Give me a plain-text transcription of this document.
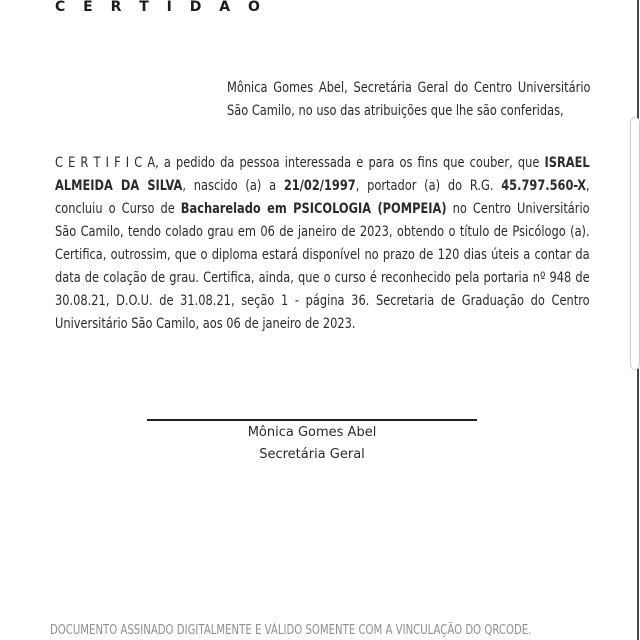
C E R T I D Ã O
Mônica Gomes Abel, Secretária Geral do Centro Universitário São Camilo, no uso das atribuições que lhe são conferidas,
C E R T I F I C A, a pedido da pessoa interessada e para os fins que couber, que ISRAEL ALMEIDA DA SILVA, nascido (a) a 21/02/1997, portador (a) do R.G. 45.797.560-X, concluiu o Curso de Bacharelado em PSICOLOGIA (POMPEIA) no Centro Universitário São Camilo, tendo colado grau em 06 de janeiro de 2023, obtendo o título de Psicólogo (a). Certifica, outrossim, que o diploma estará disponível no prazo de 120 dias úteis a contar da data de colação de grau. Certifica, ainda, que o curso é reconhecido pela portaria nº 948 de 30.08.21, D.O.U. de 31.08.21, seção 1 - página 36. Secretaria de Graduação do Centro Universitário São Camilo, aos 06 de janeiro de 2023.
Mônica Gomes Abel
Secretária Geral
DOCUMENTO ASSINADO DIGITALMENTE E VÁLIDO SOMENTE COM A VINCULAÇÃO DO QRCODE.
